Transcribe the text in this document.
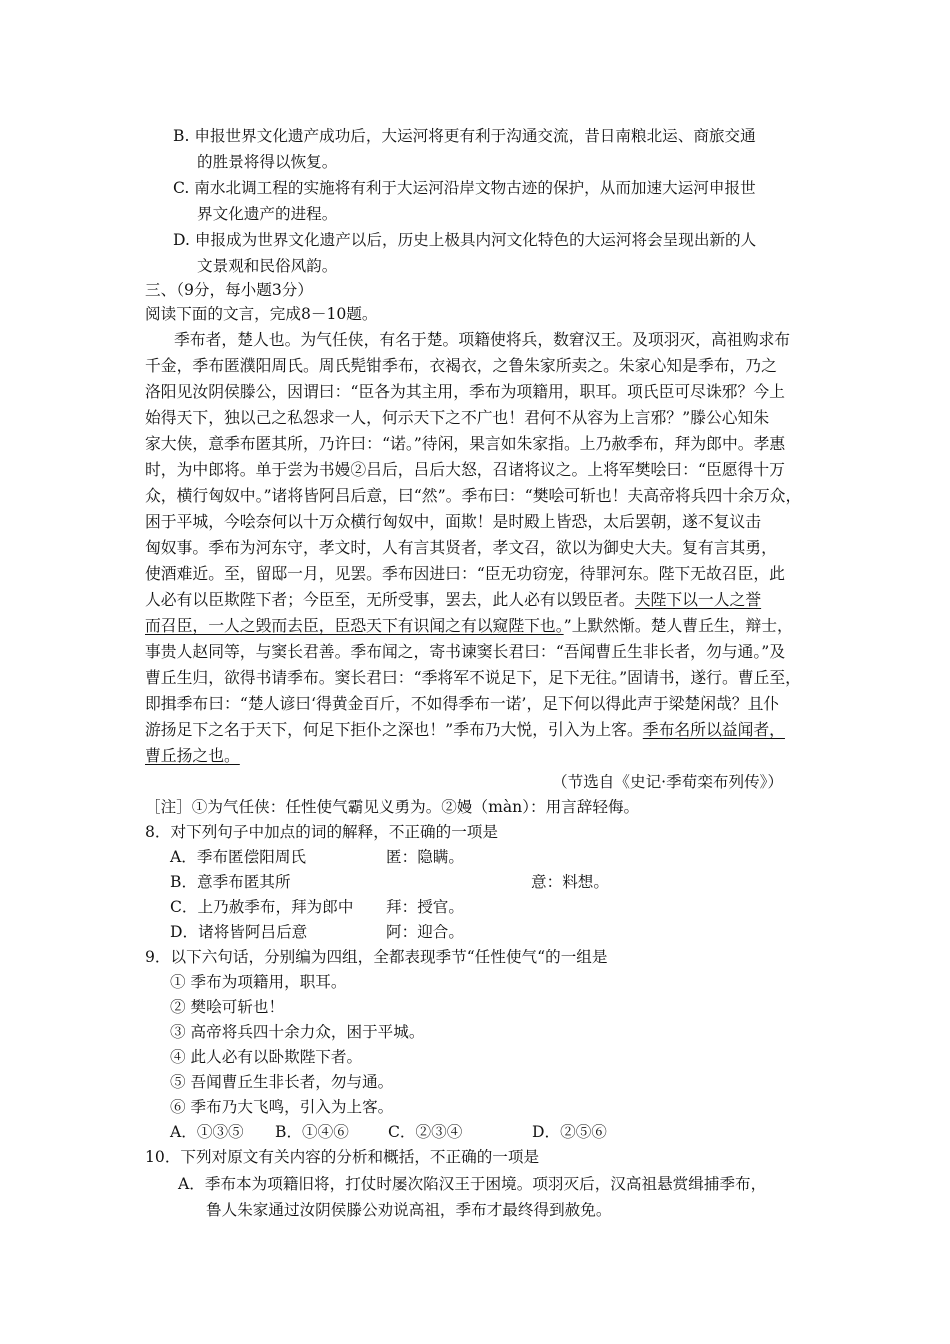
B. 申报世界文化遗产成功后，大运河将更有利于沟通交流，昔日南粮北运、商旅交通
的胜景将得以恢复。
C. 南水北调工程的实施将有利于大运河沿岸文物古迹的保护，从而加速大运河申报世
界文化遗产的进程。
D. 申报成为世界文化遗产以后，历史上极具内河文化特色的大运河将会呈现出新的人
文景观和民俗风韵。
三、（9分，每小题3分）
阅读下面的文言，完成8－10题。
季布者，楚人也。为气任侠，有名于楚。项籍使将兵，数窘汉王。及项羽灭，高祖购求布
千金，季布匿濮阳周氏。周氏髡钳季布，衣褐衣，之鲁朱家所卖之。朱家心知是季布，乃之
洛阳见汝阴侯滕公，因谓曰：“臣各为其主用，季布为项籍用，职耳。项氏臣可尽诛邪？今上
始得天下，独以己之私怨求一人，何示天下之不广也！君何不从容为上言邪？”滕公心知朱
家大侠，意季布匿其所，乃许曰：“诺。”待闲，果言如朱家指。上乃赦季布，拜为郎中。孝惠
时，为中郎将。单于尝为书嫚②吕后，吕后大怒，召诸将议之。上将军樊哙曰：“臣愿得十万
众，横行匈奴中。”诸将皆阿吕后意，曰“然”。季布曰：“樊哙可斩也！夫高帝将兵四十余万众，
困于平城，今哙奈何以十万众横行匈奴中，面欺！是时殿上皆恐，太后罢朝，遂不复议击
匈奴事。季布为河东守，孝文时，人有言其贤者，孝文召，欲以为御史大夫。复有言其勇，
使酒难近。至，留邸一月，见罢。季布因进曰：“臣无功窃宠，待罪河东。陛下无故召臣，此
人必有以臣欺陛下者；今臣至，无所受事，罢去，此人必有以毁臣者。夫陛下以一人之誉
而召臣，一人之毁而去臣，臣恐天下有识闻之有以窥陛下也。”上默然惭。楚人曹丘生，辩士，
事贵人赵同等，与窦长君善。季布闻之，寄书谏窦长君曰：“吾闻曹丘生非长者，勿与通。”及
曹丘生归，欲得书请季布。窦长君曰：“季将军不说足下，足下无往。”固请书，遂行。曹丘至，
即揖季布曰：“楚人谚曰‘得黄金百斤，不如得季布一诺’，足下何以得此声于梁楚闲哉？且仆
游扬足下之名于天下，何足下拒仆之深也！”季布乃大悦，引入为上客。季布名所以益闻者，
曹丘扬之也。
（节选自《史记·季荀栾布列传》）
［注］①为气任侠：任性使气霸见义勇为。②嫚（màn）：用言辞轻侮。
8．对下列句子中加点的词的解释，不正确的一项是
A．季布匿偿阳周氏	匿：隐瞒。
B．意季布匿其所	意：料想。
C．上乃赦季布，拜为郎中 拜：授官。
D．诸将皆阿吕后意	阿：迎合。
9．以下六句话，分别编为四组，全都表现季节“任性使气“的一组是
① 季布为项籍用，职耳。
② 樊哙可斩也！
③ 高帝将兵四十余力众，困于平城。
④ 此人必有以卧欺陛下者。
⑤ 吾闻曹丘生非长者，勿与通。
⑥ 季布乃大飞鸣，引入为上客。
A．①③⑤ B．①④⑥	C．②③④	D．②⑤⑥
10．下列对原文有关内容的分析和概括，不正确的一项是
A．季布本为项籍旧将，打仗时屡次陷汉王于困境。项羽灭后，汉高祖悬赏缉捕季布，
鲁人朱家通过汝阴侯滕公劝说高祖，季布才最终得到赦免。
